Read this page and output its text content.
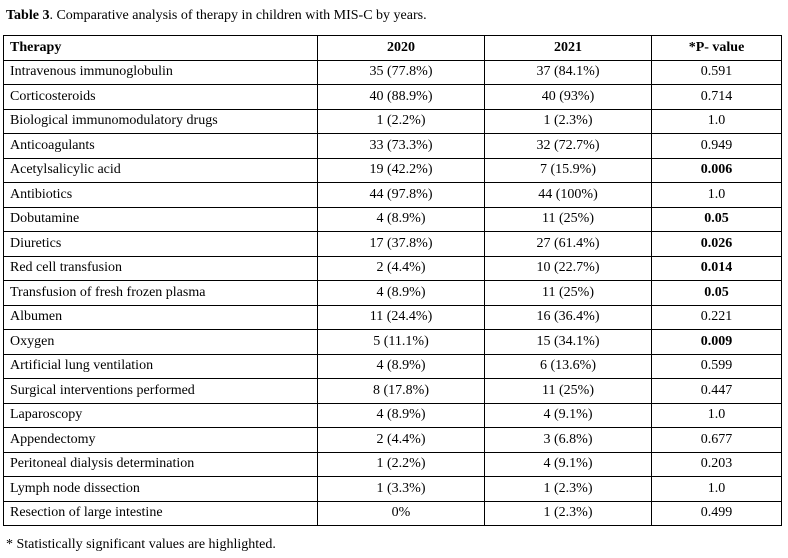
Table 3. Comparative analysis of therapy in children with MIS-C by years.
Therapy	2020	2021	*P- value
Intravenous immunoglobulin	35 (77.8%)	37 (84.1%)	0.591
Corticosteroids	40 (88.9%)	40 (93%)	0.714
Biological immunomodulatory drugs	1 (2.2%)	1 (2.3%)	1.0
Anticoagulants	33 (73.3%)	32 (72.7%)	0.949
Acetylsalicylic acid	19 (42.2%)	7 (15.9%)	0.006
Antibiotics	44 (97.8%)	44 (100%)	1.0
Dobutamine	4 (8.9%)	11 (25%)	0.05
Diuretics	17 (37.8%)	27 (61.4%)	0.026
Red cell transfusion	2 (4.4%)	10 (22.7%)	0.014
Transfusion of fresh frozen plasma	4 (8.9%)	11 (25%)	0.05
Albumen	11 (24.4%)	16 (36.4%)	0.221
Oxygen	5 (11.1%)	15 (34.1%)	0.009
Artificial lung ventilation	4 (8.9%)	6 (13.6%)	0.599
Surgical interventions performed	8 (17.8%)	11 (25%)	0.447
Laparoscopy	4 (8.9%)	4 (9.1%)	1.0
Appendectomy	2 (4.4%)	3 (6.8%)	0.677
Peritoneal dialysis determination	1 (2.2%)	4 (9.1%)	0.203
Lymph node dissection	1 (3.3%)	1 (2.3%)	1.0
Resection of large intestine	0%	1 (2.3%)	0.499
* Statistically significant values are highlighted.
